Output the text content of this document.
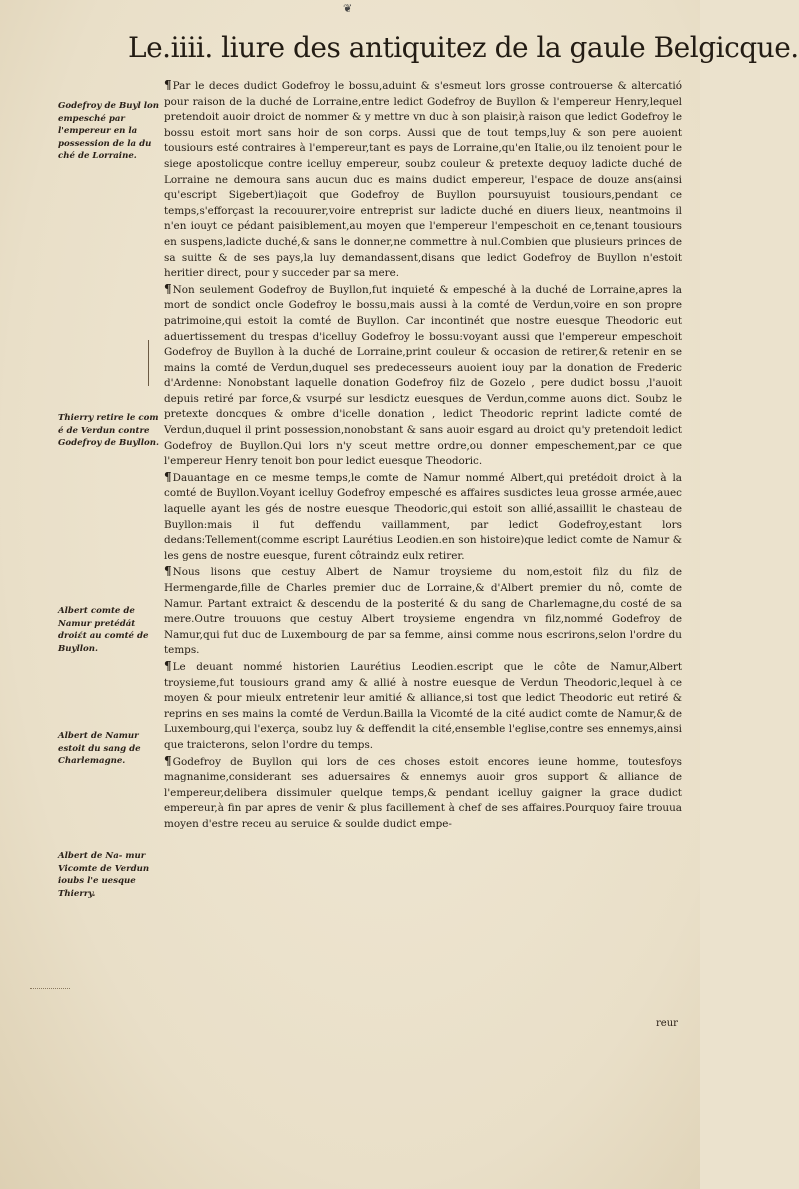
❦
Le.iiii. liure des antiquitez de la gaule Belgicque.
Godefroy de Buyl lon empesché par l'empereur en la possession de la du ché de Lorraine.
Thierry retire le com é de Verdun contre Godefroy de Buyllon.
Albert comte de Namur pretédát droiɛ́t au comté de Buyllon.
Albert de Namur estoit du sang de Charlemagne.
Albert de Na- mur Vicomte de Verdun ioubs l'e uesque Thierry.

¶Par le deces dudict Godefroy le bossu,aduint & s'esmeut lors grosse controuerse & altercatió pour raison de la duché de Lorraine,entre ledict Godefroy de Buyllon & l'empereur Henry,lequel pretendoit auoir droict de nommer & y mettre vn duc à son plaisir,à raison que ledict Godefroy le bossu estoit mort sans hoir de son corps. Aussi que de tout temps,luy & son pere auoient tousiours esté contraires à l'empereur,tant es pays de Lorraine,qu'en Italie,ou ilz tenoient pour le siege apostolicque contre icelluy empereur, soubz couleur & pretexte dequoy ladicte duché de Lorraine ne demoura sans aucun duc es mains dudict empereur, l'espace de douze ans(ainsi qu'escript Sigebert)iaçoit que Godefroy de Buyllon poursuyuist tousiours,pendant ce temps,s'efforçast la recouurer,voire entreprist sur ladicte duché en diuers lieux, neantmoins il n'en iouyt ce pédant paisiblement,au moyen que l'empereur l'empeschoit en ce,tenant tousiours en suspens,ladicte duché,& sans le donner,ne commettre à nul.Combien que plusieurs princes de sa suitte & de ses pays,la luy demandassent,disans que ledict Godefroy de Buyllon n'estoit heritier direct, pour y succeder par sa mere.

¶Non seulement Godefroy de Buyllon,fut inquieté & empesché à la duché de Lorraine,apres la mort de sondict oncle Godefroy le bossu,mais aussi à la comté de Verdun,voire en son propre patrimoine,qui estoit la comté de Buyllon. Car incontinét que nostre euesque Theodoric eut aduertissement du trespas d'icelluy Godefroy le bossu:voyant aussi que l'empereur empeschoit Godefroy de Buyllon à la duché de Lorraine,print couleur & occasion de retirer,& retenir en se mains la comté de Verdun,duquel ses predecesseurs auoient iouy par la donation de Frederic d'Ardenne: Nonobstant laquelle donation Godefroy filz de Gozelo , pere dudict bossu ,l'auoit depuis retiré par force,& vsurpé sur lesdictz euesques de Verdun,comme auons dict. Soubz le pretexte doncques & ombre d'icelle donation , ledict Theodoric reprint ladicte comté de Verdun,duquel il print possession,nonobstant & sans auoir esgard au droict qu'y pretendoit ledict Godefroy de Buyllon.Qui lors n'y sceut mettre ordre,ou donner empeschement,par ce que l'empereur Henry tenoit bon pour ledict euesque Theodoric.

¶Dauantage en ce mesme temps,le comte de Namur nommé Albert,qui pretédoit droict à la comté de Buyllon.Voyant icelluy Godefroy empesché es affaires susdictes leua grosse armée,auec laquelle ayant les gés de nostre euesque Theodoric,qui estoit son allié,assaillit le chasteau de Buyllon:mais il fut deffendu vaillamment, par ledict Godefroy,estant lors dedans:Tellement(comme escript Laurétius Leodien.en son histoire)que ledict comte de Namur & les gens de nostre euesque, furent côtraindz eulx retirer.

¶Nous lisons que cestuy Albert de Namur troysieme du nom,estoit filz du filz de Hermengarde,fille de Charles premier duc de Lorraine,& d'Albert premier du nô, comte de Namur. Partant extraict & descendu de la posterité & du sang de Charlemagne,du costé de sa mere.Outre trouuons que cestuy Albert troysieme engendra vn filz,nommé Godefroy de Namur,qui fut duc de Luxembourg de par sa femme, ainsi comme nous escrirons,selon l'ordre du temps.

¶Le deuant nommé historien Laurétius Leodien.escript que le côte de Namur,Albert troysieme,fut tousiours grand amy & allié à nostre euesque de Verdun Theodoric,lequel à ce moyen & pour mieulx entretenir leur amitié & alliance,si tost que ledict Theodoric eut retiré & reprins en ses mains la comté de Verdun.Bailla la Vicomté de la cité audict comte de Namur,& de Luxembourg,qui l'exerça, soubz luy & deffendit la cité,ensemble l'eglise,contre ses ennemys,ainsi que traicterons, selon l'ordre du temps.

¶Godefroy de Buyllon qui lors de ces choses estoit encores ieune homme, toutesfoys magnanime,considerant ses aduersaires & ennemys auoir gros support & alliance de l'empereur,delibera dissimuler quelque temps,& pendant icelluy gaigner la grace dudict empereur,à fin par apres de venir & plus facillement à chef de ses affaires.Pourquoy faire trouua moyen d'estre receu au seruice & soulde dudict empe-

reur
